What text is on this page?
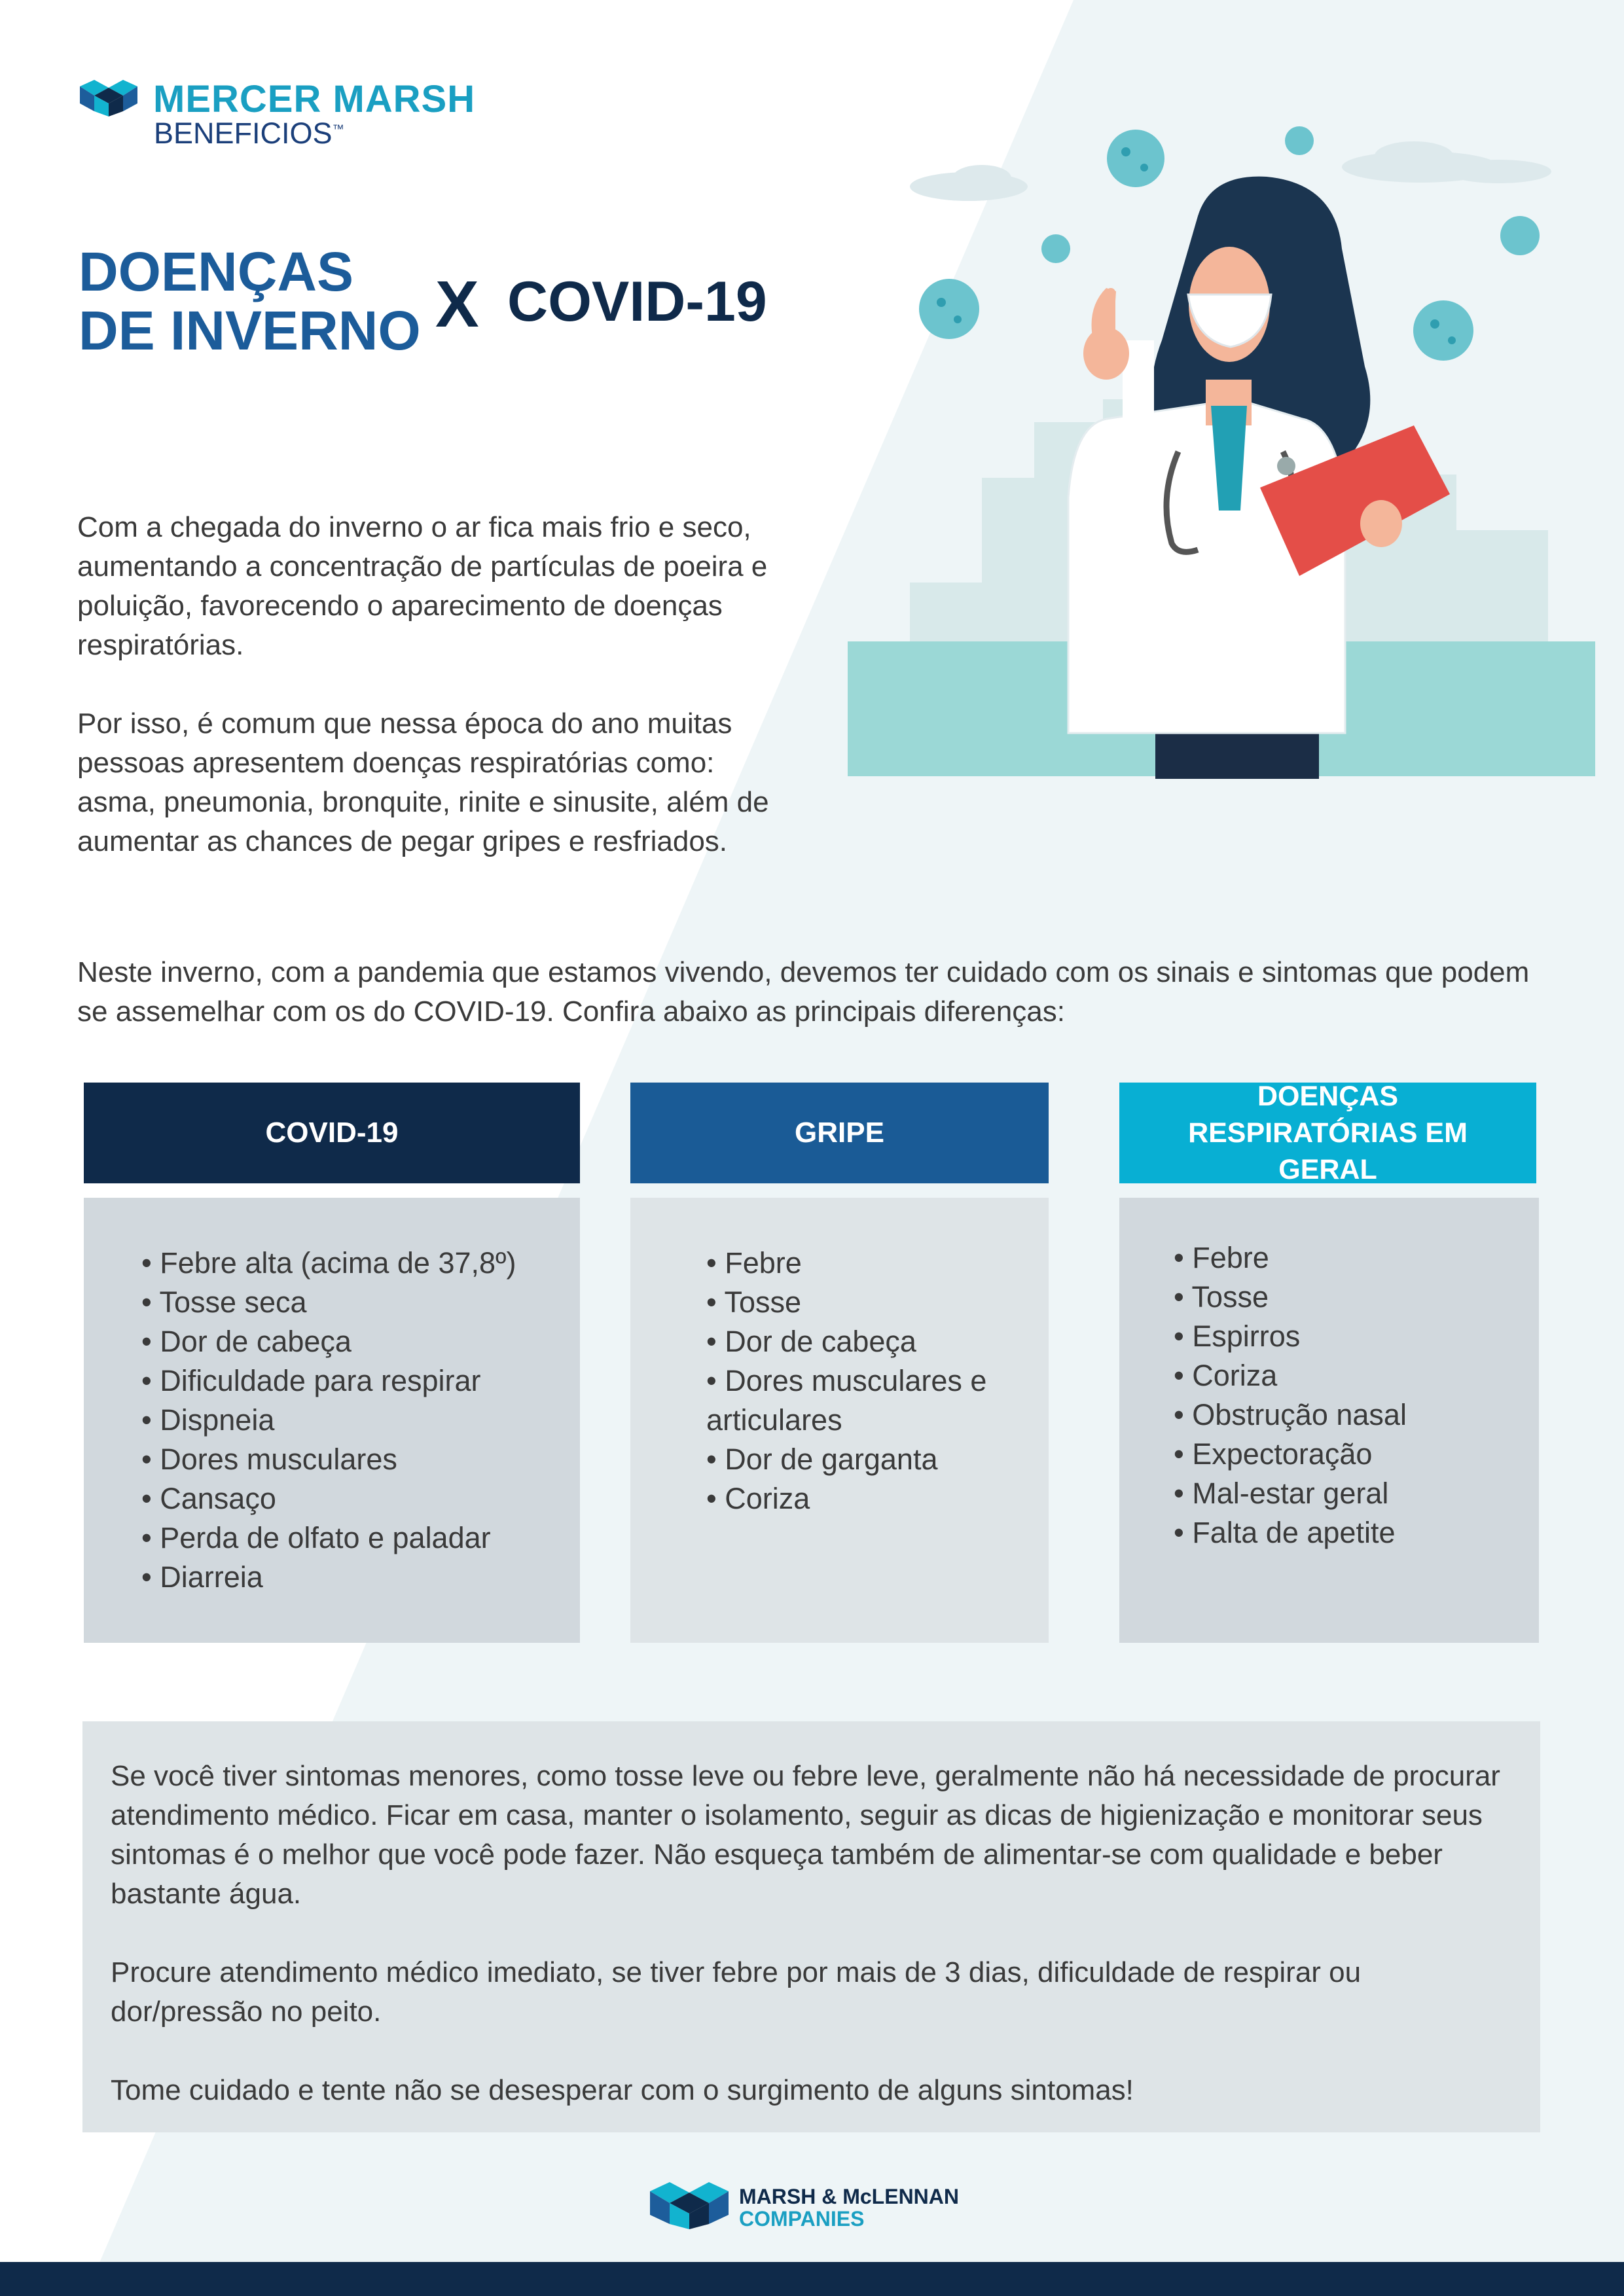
MERCER MARSH
BENEFICIOS™
DOENÇAS
DE INVERNO X COVID-19
Com a chegada do inverno o ar fica mais frio e seco, aumentando a concentração de partículas de poeira e poluição, favorecendo o aparecimento de doenças respiratórias.
Por isso, é comum que nessa época do ano muitas pessoas apresentem doenças respiratórias como: asma, pneumonia, bronquite, rinite e sinusite, além de aumentar as chances de pegar gripes e resfriados.
Neste inverno, com a pandemia que estamos vivendo, devemos ter cuidado com os sinais e sintomas que podem se assemelhar com os do COVID-19. Confira abaixo as principais diferenças:
COVID-19	GRIPE
DOENÇAS RESPIRATÓRIAS EM GERAL
• Febre alta (acima de 37,8º)
• Tosse seca
• Dor de cabeça
• Dificuldade para respirar
• Dispneia
• Dores musculares
• Cansaço
• Perda de olfato e paladar
• Diarreia
• Febre
• Tosse
• Dor de cabeça
• Dores musculares e articulares
• Dor de garganta
• Coriza
• Febre
• Tosse
• Espirros
• Coriza
• Obstrução nasal
• Expectoração
• Mal-estar geral
• Falta de apetite
Se você tiver sintomas menores, como tosse leve ou febre leve, geralmente não há necessidade de procurar atendimento médico. Ficar em casa, manter o isolamento, seguir as dicas de higienização e monitorar seus sintomas é o melhor que você pode fazer. Não esqueça também de alimentar-se com qualidade e beber bastante água.
Procure atendimento médico imediato, se tiver febre por mais de 3 dias, dificuldade de respirar ou dor/pressão no peito.
Tome cuidado e tente não se desesperar com o surgimento de alguns sintomas!
MARSH & McLENNAN
COMPANIES
